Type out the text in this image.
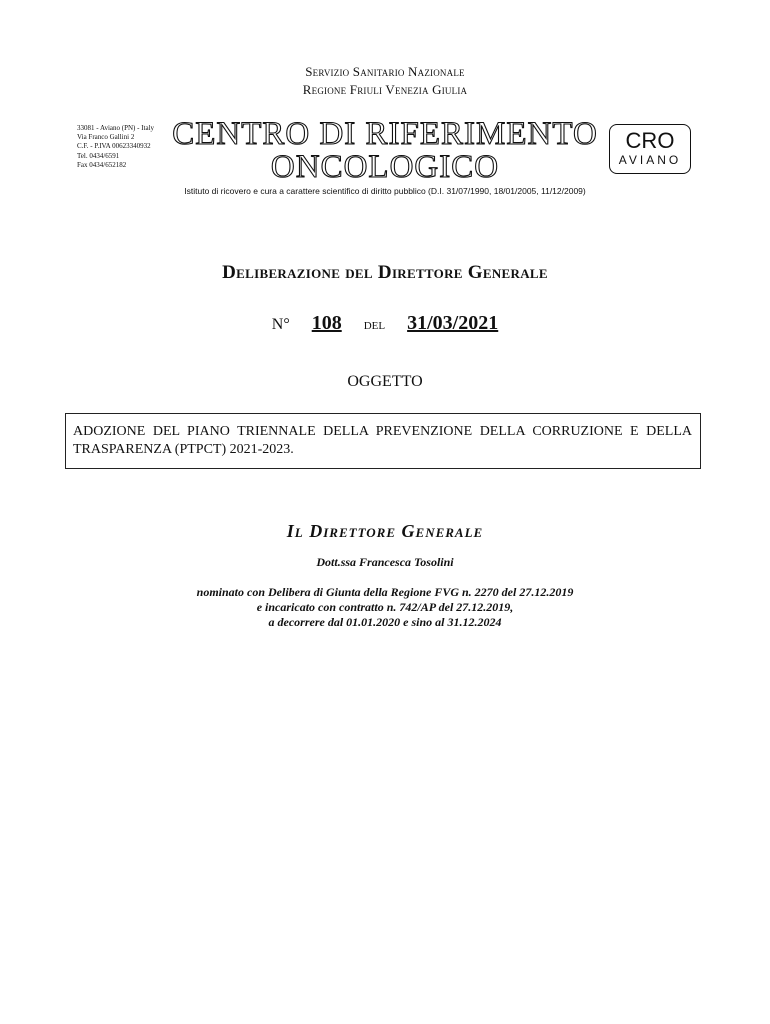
Servizio Sanitario Nazionale
Regione Friuli Venezia Giulia
33081 - Aviano (PN) - Italy
Via Franco Gallini 2
C.F. - P.IVA 00623340932
Tel. 0434/6591
Fax 0434/652182
CENTRO DI RIFERIMENTO
ONCOLOGICO
CRO
AVIANO
Istituto di ricovero e cura a carattere scientifico di diritto pubblico (D.I. 31/07/1990, 18/01/2005, 11/12/2009)
Deliberazione del Direttore Generale
N° 108 del 31/03/2021
OGGETTO
ADOZIONE DEL PIANO TRIENNALE DELLA PREVENZIONE DELLA CORRUZIONE E DELLA TRASPARENZA (PTPCT) 2021-2023.
Il Direttore Generale
Dott.ssa Francesca Tosolini
nominato con Delibera di Giunta della Regione FVG n. 2270 del 27.12.2019
e incaricato con contratto n. 742/AP del 27.12.2019,
a decorrere dal 01.01.2020 e sino al 31.12.2024
